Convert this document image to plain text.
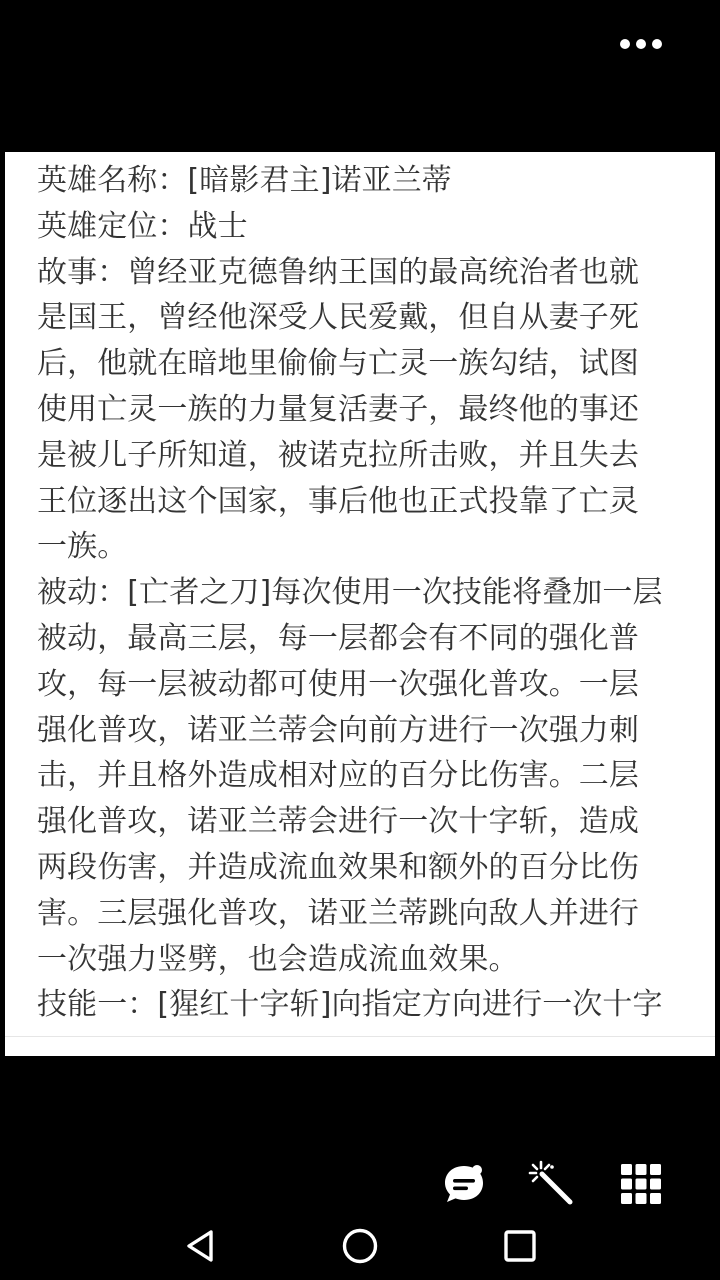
英雄名称：[暗影君主]诺亚兰蒂
英雄定位：战士
故事：曾经亚克德鲁纳王国的最高统治者也就
是国王，曾经他深受人民爱戴，但自从妻子死
后，他就在暗地里偷偷与亡灵一族勾结，试图
使用亡灵一族的力量复活妻子，最终他的事还
是被儿子所知道，被诺克拉所击败，并且失去
王位逐出这个国家，事后他也正式投靠了亡灵
一族。
被动：[亡者之刀]每次使用一次技能将叠加一层
被动，最高三层，每一层都会有不同的强化普
攻，每一层被动都可使用一次强化普攻。一层
强化普攻，诺亚兰蒂会向前方进行一次强力刺
击，并且格外造成相对应的百分比伤害。二层
强化普攻，诺亚兰蒂会进行一次十字斩，造成
两段伤害，并造成流血效果和额外的百分比伤
害。三层强化普攻，诺亚兰蒂跳向敌人并进行
一次强力竖劈，也会造成流血效果。
技能一：[猩红十字斩]向指定方向进行一次十字
